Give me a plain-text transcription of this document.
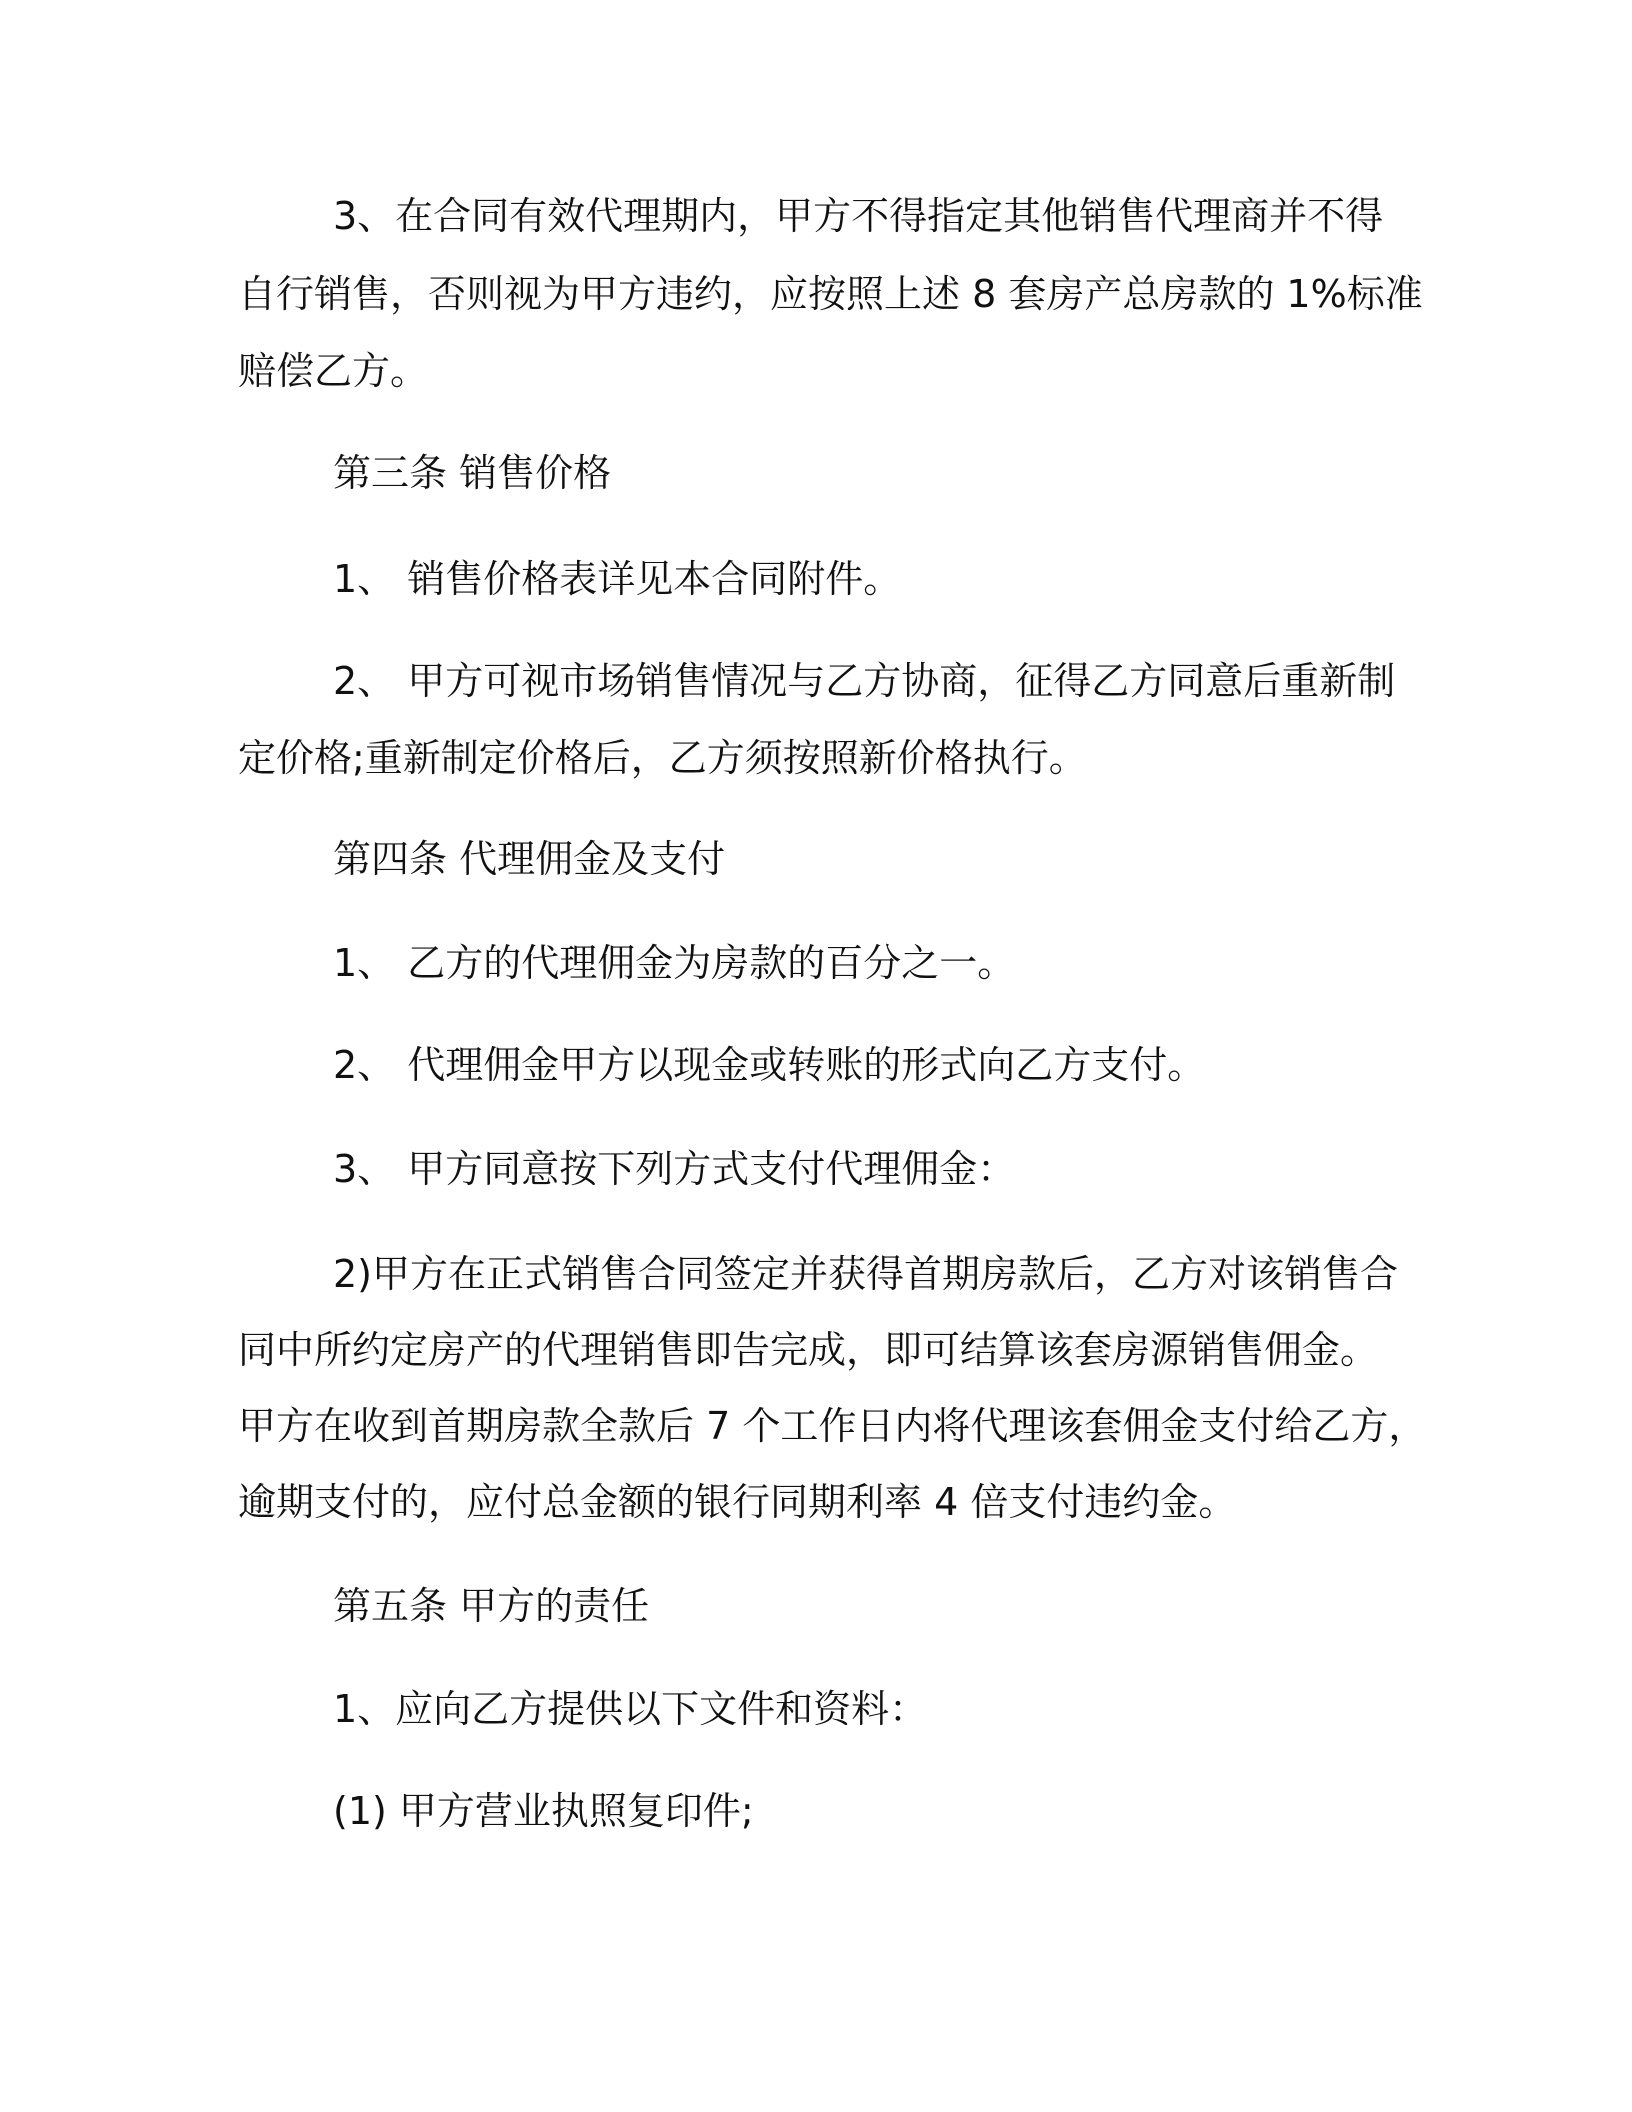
3、在合同有效代理期内，甲方不得指定其他销售代理商并不得

自行销售，否则视为甲方违约，应按照上述 8 套房产总房款的 1%标准

赔偿乙方。

第三条 销售价格

1、 销售价格表详见本合同附件。

2、 甲方可视市场销售情况与乙方协商，征得乙方同意后重新制

定价格;重新制定价格后，乙方须按照新价格执行。

第四条 代理佣金及支付

1、 乙方的代理佣金为房款的百分之一。

2、 代理佣金甲方以现金或转账的形式向乙方支付。

3、 甲方同意按下列方式支付代理佣金：

2)甲方在正式销售合同签定并获得首期房款后，乙方对该销售合

同中所约定房产的代理销售即告完成，即可结算该套房源销售佣金。

甲方在收到首期房款全款后 7 个工作日内将代理该套佣金支付给乙方，

逾期支付的，应付总金额的银行同期利率 4 倍支付违约金。

第五条 甲方的责任

1、应向乙方提供以下文件和资料：

(1) 甲方营业执照复印件;
